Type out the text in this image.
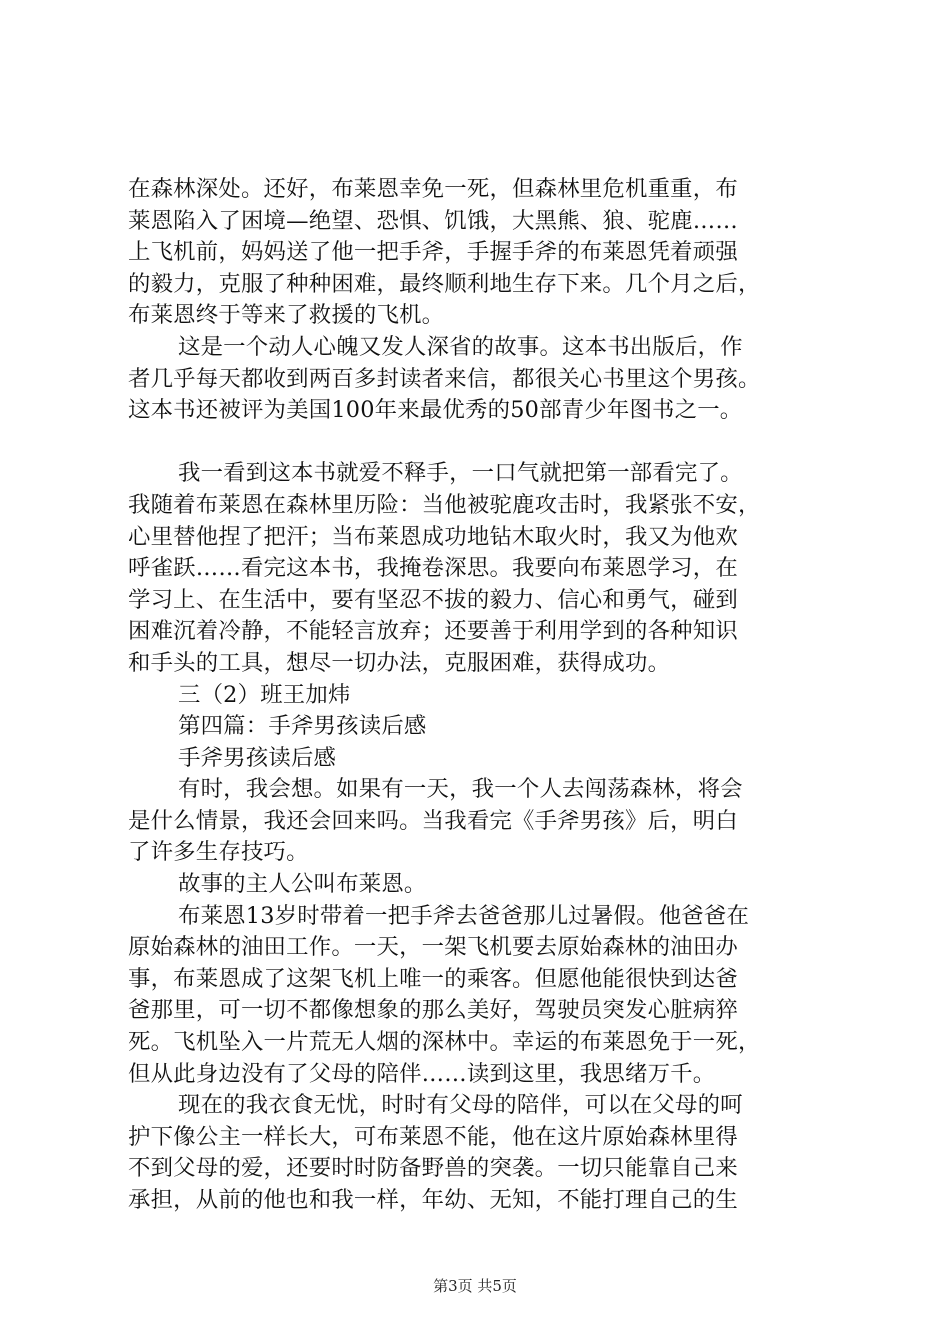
在森林深处。还好，布莱恩幸免一死，但森林里危机重重，布

莱恩陷入了困境—绝望、恐惧、饥饿，大黑熊、狼、驼鹿……

上飞机前，妈妈送了他一把手斧，手握手斧的布莱恩凭着顽强

的毅力，克服了种种困难，最终顺利地生存下来。几个月之后，

布莱恩终于等来了救援的飞机。

这是一个动人心魄又发人深省的故事。这本书出版后，作

者几乎每天都收到两百多封读者来信，都很关心书里这个男孩。

这本书还被评为美国100年来最优秀的50部青少年图书之一。

我一看到这本书就爱不释手，一口气就把第一部看完了。

我随着布莱恩在森林里历险：当他被驼鹿攻击时，我紧张不安，

心里替他捏了把汗；当布莱恩成功地钻木取火时，我又为他欢

呼雀跃……看完这本书，我掩卷深思。我要向布莱恩学习，在

学习上、在生活中，要有坚忍不拔的毅力、信心和勇气，碰到

困难沉着冷静，不能轻言放弃；还要善于利用学到的各种知识

和手头的工具，想尽一切办法，克服困难，获得成功。

三（2）班王加炜

第四篇：手斧男孩读后感

手斧男孩读后感

有时，我会想。如果有一天，我一个人去闯荡森林，将会

是什么情景，我还会回来吗。当我看完《手斧男孩》后，明白

了许多生存技巧。

故事的主人公叫布莱恩。

布莱恩13岁时带着一把手斧去爸爸那儿过暑假。他爸爸在

原始森林的油田工作。一天，一架飞机要去原始森林的油田办

事，布莱恩成了这架飞机上唯一的乘客。但愿他能很快到达爸

爸那里，可一切不都像想象的那么美好，驾驶员突发心脏病猝

死。飞机坠入一片荒无人烟的深林中。幸运的布莱恩免于一死，

但从此身边没有了父母的陪伴……读到这里，我思绪万千。

现在的我衣食无忧，时时有父母的陪伴，可以在父母的呵

护下像公主一样长大，可布莱恩不能，他在这片原始森林里得

不到父母的爱，还要时时防备野兽的突袭。一切只能靠自己来

承担，从前的他也和我一样，年幼、无知，不能打理自己的生

第3页 共5页
